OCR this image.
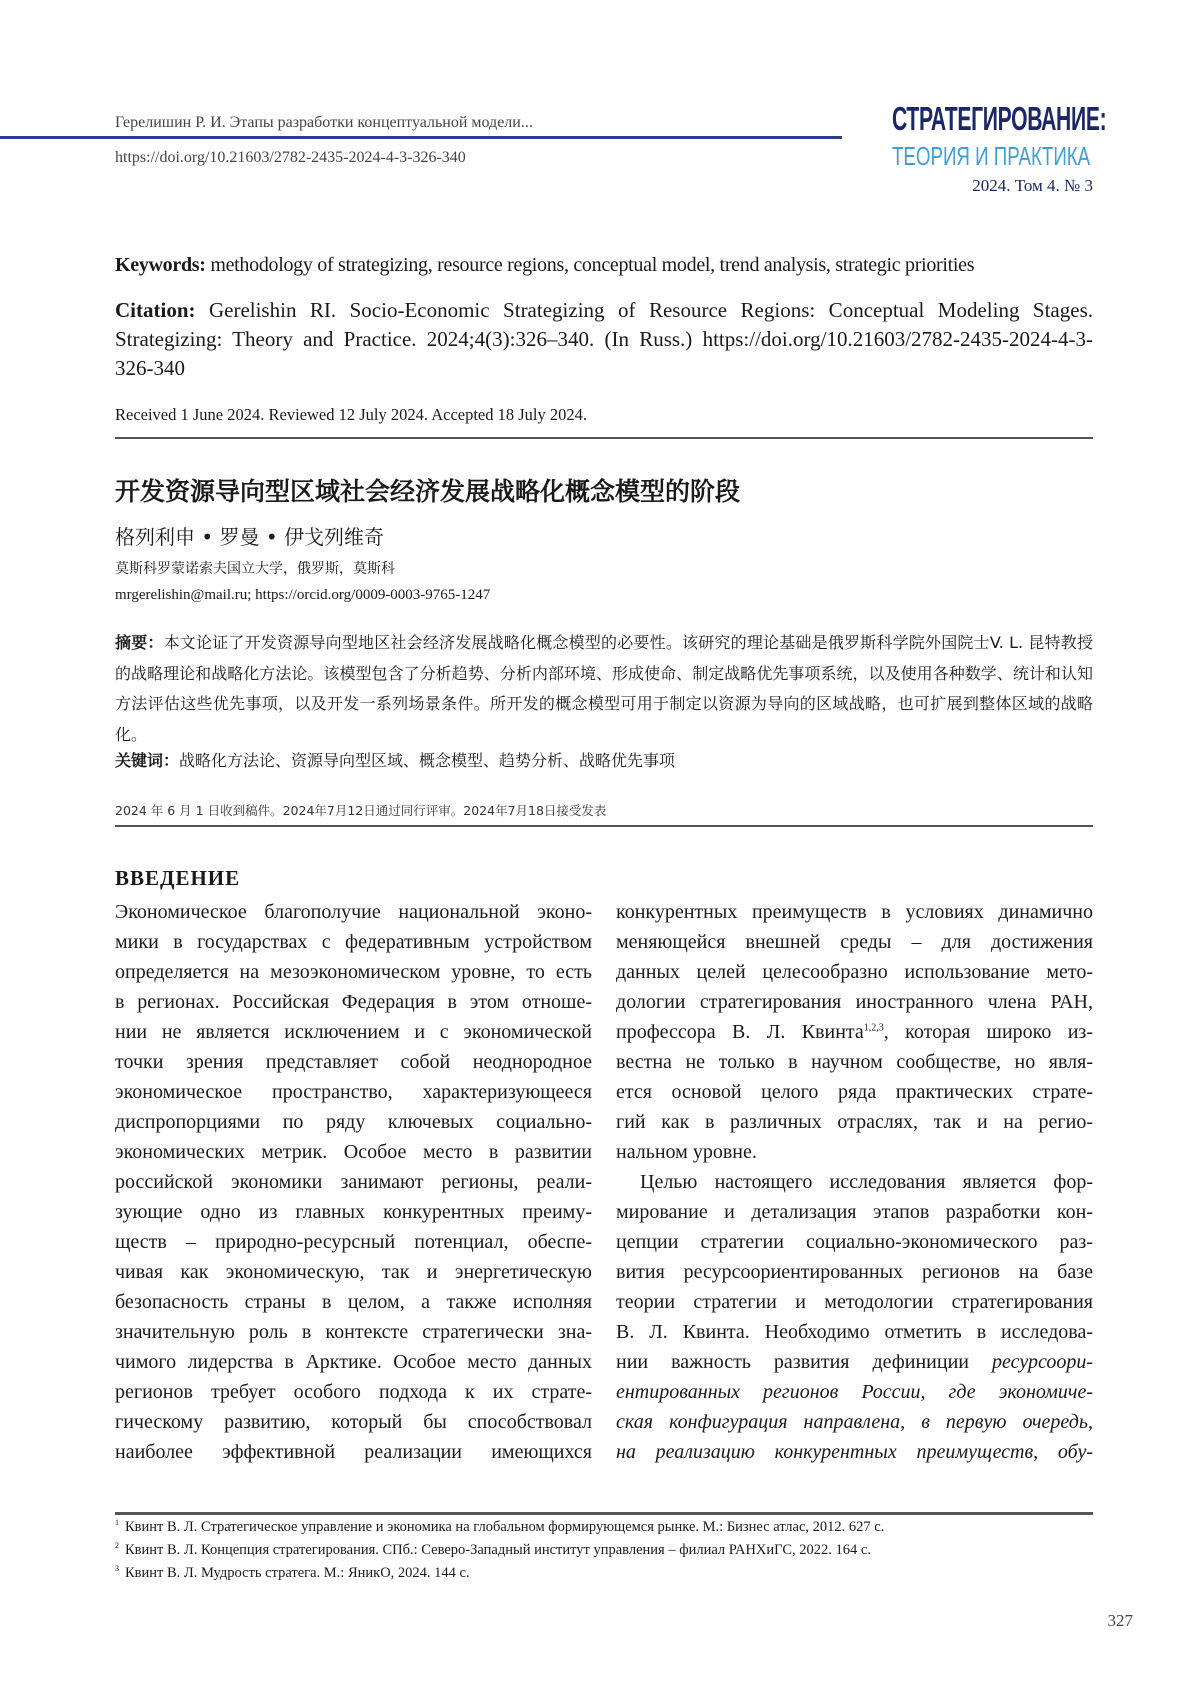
Герелишин Р. И. Этапы разработки концептуальной модели...
https://doi.org/10.21603/2782-2435-2024-4-3-326-340
СТРАТЕГИРОВАНИЕ:
ТЕОРИЯ И ПРАКТИКА
2024. Том 4. № 3
Keywords: methodology of strategizing, resource regions, conceptual model, trend analysis, strategic priorities
Citation: Gerelishin RI. Socio-Economic Strategizing of Resource Regions: Conceptual Modeling Stages. Strategizing: Theory and Practice. 2024;4(3):326–340. (In Russ.) https://doi.org/10.21603/2782-2435-2024-4-3-326-340
Received 1 June 2024. Reviewed 12 July 2024. Accepted 18 July 2024.
开发资源导向型区域社会经济发展战略化概念模型的阶段
格列利申 • 罗曼 • 伊戈列维奇
莫斯科罗蒙诺索夫国立大学，俄罗斯，莫斯科
mrgerelishin@mail.ru; https://orcid.org/0009-0003-9765-1247
摘要：本文论证了开发资源导向型地区社会经济发展战略化概念模型的必要性。该研究的理论基础是俄罗斯科学院外国院士V. L. 昆特教授的战略理论和战略化方法论。该模型包含了分析趋势、分析内部环境、形成使命、制定战略优先事项系统，以及使用各种数学、统计和认知方法评估这些优先事项，以及开发一系列场景条件。所开发的概念模型可用于制定以资源为导向的区域战略，也可扩展到整体区域的战略化。
关键词：战略化方法论、资源导向型区域、概念模型、趋势分析、战略优先事项
2024 年 6 月 1 日收到稿件。2024年7月12日通过同行评审。2024年7月18日接受发表
ВВЕДЕНИЕ
Экономическое благополучие национальной эконо-
мики в государствах с федеративным устройством
определяется на мезоэкономическом уровне, то есть
в регионах. Российская Федерация в этом отноше-
нии не является исключением и с экономической
точки зрения представляет собой неоднородное
экономическое пространство, характеризующееся
диспропорциями по ряду ключевых социально-
экономических метрик. Особое место в развитии
российской экономики занимают регионы, реали-
зующие одно из главных конкурентных преиму-
ществ – природно-ресурсный потенциал, обеспе-
чивая как экономическую, так и энергетическую
безопасность страны в целом, а также исполняя
значительную роль в контексте стратегически зна-
чимого лидерства в Арктике. Особое место данных
регионов требует особого подхода к их страте-
гическому развитию, который бы способствовал
наиболее эффективной реализации имеющихся
конкурентных преимуществ в условиях динамично
меняющейся внешней среды – для достижения
данных целей целесообразно использование мето-
дологии стратегирования иностранного члена РАН,
профессора В. Л. Квинта1,2,3, которая широко из-
вестна не только в научном сообществе, но явля-
ется основой целого ряда практических страте-
гий как в различных отраслях, так и на регио-
нальном уровне.
Целью настоящего исследования является фор-
мирование и детализация этапов разработки кон-
цепции стратегии социально-экономического раз-
вития ресурсоориентированных регионов на базе
теории стратегии и методологии стратегирования
В. Л. Квинта. Необходимо отметить в исследова-
нии важность развития дефиниции ресурсоори-
ентированных регионов России, где экономиче-
ская конфигурация направлена, в первую очередь,
на реализацию конкурентных преимуществ, обу-
1 Квинт В. Л. Стратегическое управление и экономика на глобальном формирующемся рынке. М.: Бизнес атлас, 2012. 627 с.
2 Квинт В. Л. Концепция стратегирования. СПб.: Северо-Западный институт управления – филиал РАНХиГС, 2022. 164 с.
3 Квинт В. Л. Мудрость стратега. М.: ЯникО, 2024. 144 с.
327
